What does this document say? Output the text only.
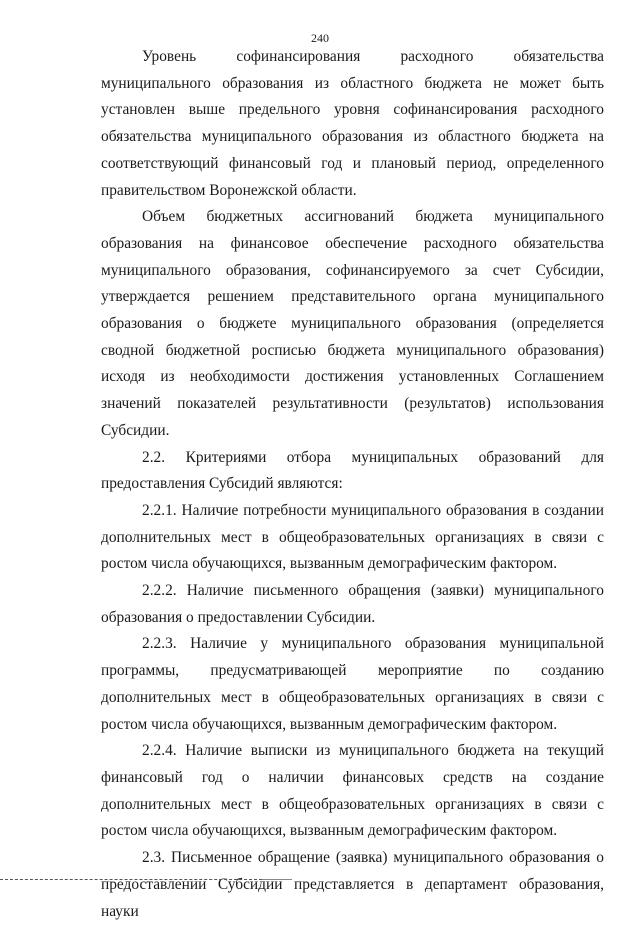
240

Уровень софинансирования расходного обязательства муниципального образования из областного бюджета не может быть установлен выше предельного уровня софинансирования расходного обязательства муниципального образования из областного бюджета на соответствующий финансовый год и плановый период, определенного правительством Воронежской области.

Объем бюджетных ассигнований бюджета муниципального образования на финансовое обеспечение расходного обязательства муниципального образования, софинансируемого за счет Субсидии, утверждается решением представительного органа муниципального образования о бюджете муниципального образования (определяется сводной бюджетной росписью бюджета муниципального образования) исходя из необходимости достижения установленных Соглашением значений показателей результативности (результатов) использования Субсидии.

2.2. Критериями отбора муниципальных образований для предоставления Субсидий являются:

2.2.1. Наличие потребности муниципального образования в создании дополнительных мест в общеобразовательных организациях в связи с ростом числа обучающихся, вызванным демографическим фактором.

2.2.2. Наличие письменного обращения (заявки) муниципального образования о предоставлении Субсидии.

2.2.3. Наличие у муниципального образования муниципальной программы, предусматривающей мероприятие по созданию дополнительных мест в общеобразовательных организациях в связи с ростом числа обучающихся, вызванным демографическим фактором.

2.2.4. Наличие выписки из муниципального бюджета на текущий финансовый год о наличии финансовых средств на создание дополнительных мест в общеобразовательных организациях в связи с ростом числа обучающихся, вызванным демографическим фактором.

2.3. Письменное обращение (заявка) муниципального образования о предоставлении Субсидии представляется в департамент образования, науки
